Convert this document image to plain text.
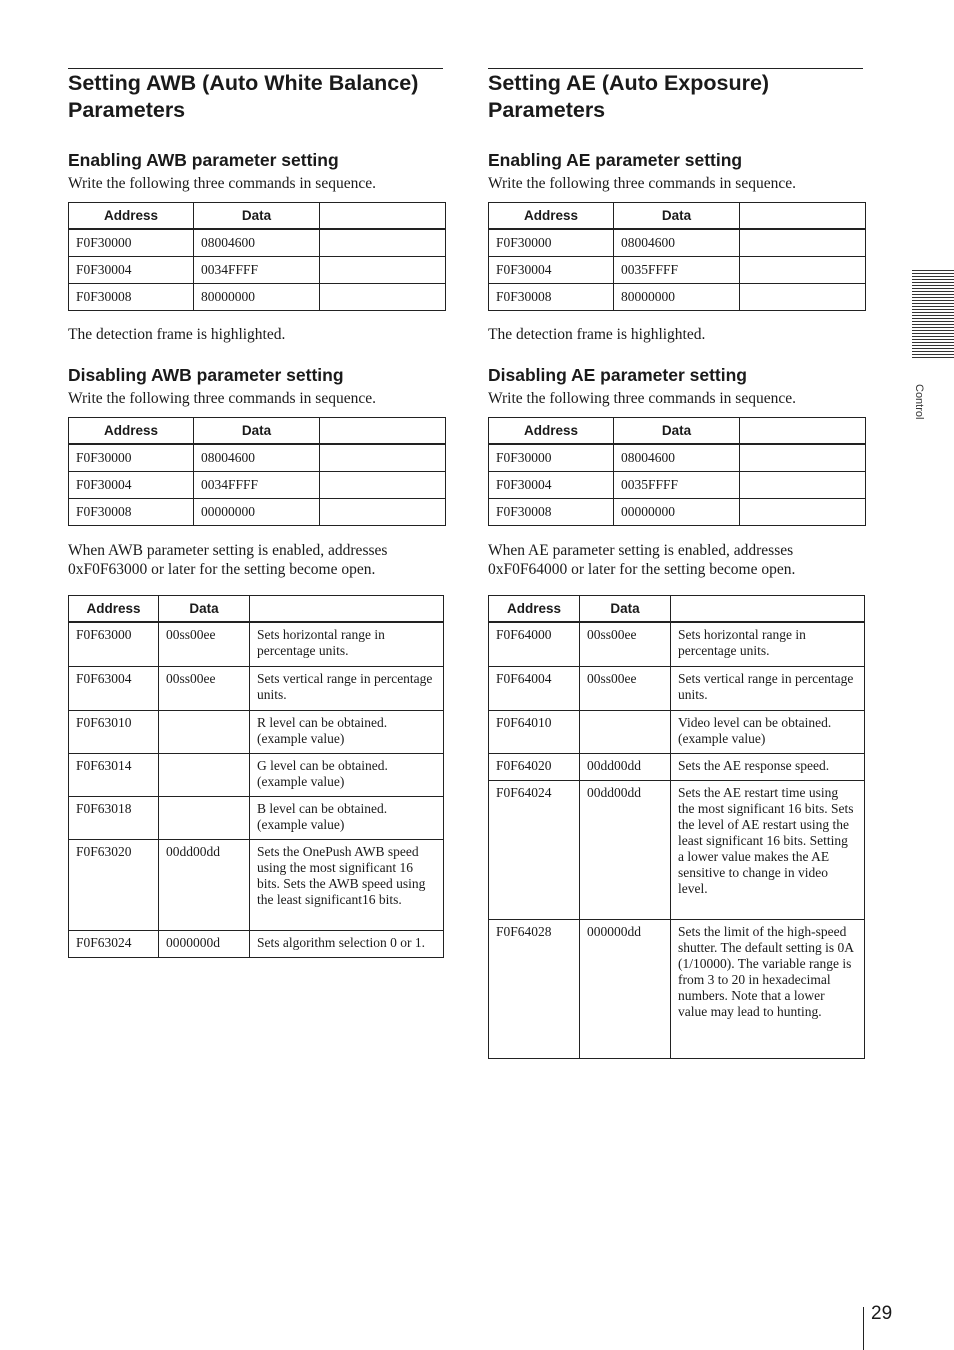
Setting AWB (Auto White Balance)
Parameters
Enabling AWB parameter setting
Write the following three commands in sequence.
Address	Data	
F0F30000	08004600	
F0F30004	0034FFFF	
F0F30008	80000000	
The detection frame is highlighted.
Disabling AWB parameter setting
Write the following three commands in sequence.
Address	Data	
F0F30000	08004600	
F0F30004	0034FFFF	
F0F30008	00000000	
When AWB parameter setting is enabled, addresses
0xF0F63000 or later for the setting become open.
Address	Data	
F0F63000	00ss00ee	Sets horizontal range in percentage units.
F0F63004	00ss00ee	Sets vertical range in percentage units.
F0F63010		R level can be obtained. (example value)
F0F63014		G level can be obtained. (example value)
F0F63018		B level can be obtained. (example value)
F0F63020	00dd00dd	Sets the OnePush AWB speed using the most significant 16 bits. Sets the AWB speed using the least significant16 bits.
F0F63024	0000000d	Sets algorithm selection 0 or 1.
Setting AE (Auto Exposure)
Parameters
Enabling AE parameter setting
Write the following three commands in sequence.
Address	Data	
F0F30000	08004600	
F0F30004	0035FFFF	
F0F30008	80000000	
The detection frame is highlighted.
Disabling AE parameter setting
Write the following three commands in sequence.
Address	Data	
F0F30000	08004600	
F0F30004	0035FFFF	
F0F30008	00000000	
When AE parameter setting is enabled, addresses
0xF0F64000 or later for the setting become open.
Address	Data	
F0F64000	00ss00ee	Sets horizontal range in percentage units.
F0F64004	00ss00ee	Sets vertical range in percentage units.
F0F64010		Video level can be obtained. (example value)
F0F64020	00dd00dd	Sets the AE response speed.
F0F64024	00dd00dd	Sets the AE restart time using the most significant 16 bits. Sets the level of AE restart using the least significant 16 bits. Setting a lower value makes the AE sensitive to change in video level.
F0F64028	000000dd	Sets the limit of the high-speed shutter. The default setting is 0A (1/10000). The variable range is from 3 to 20 in hexadecimal numbers. Note that a lower value may lead to hunting.
Control
29
